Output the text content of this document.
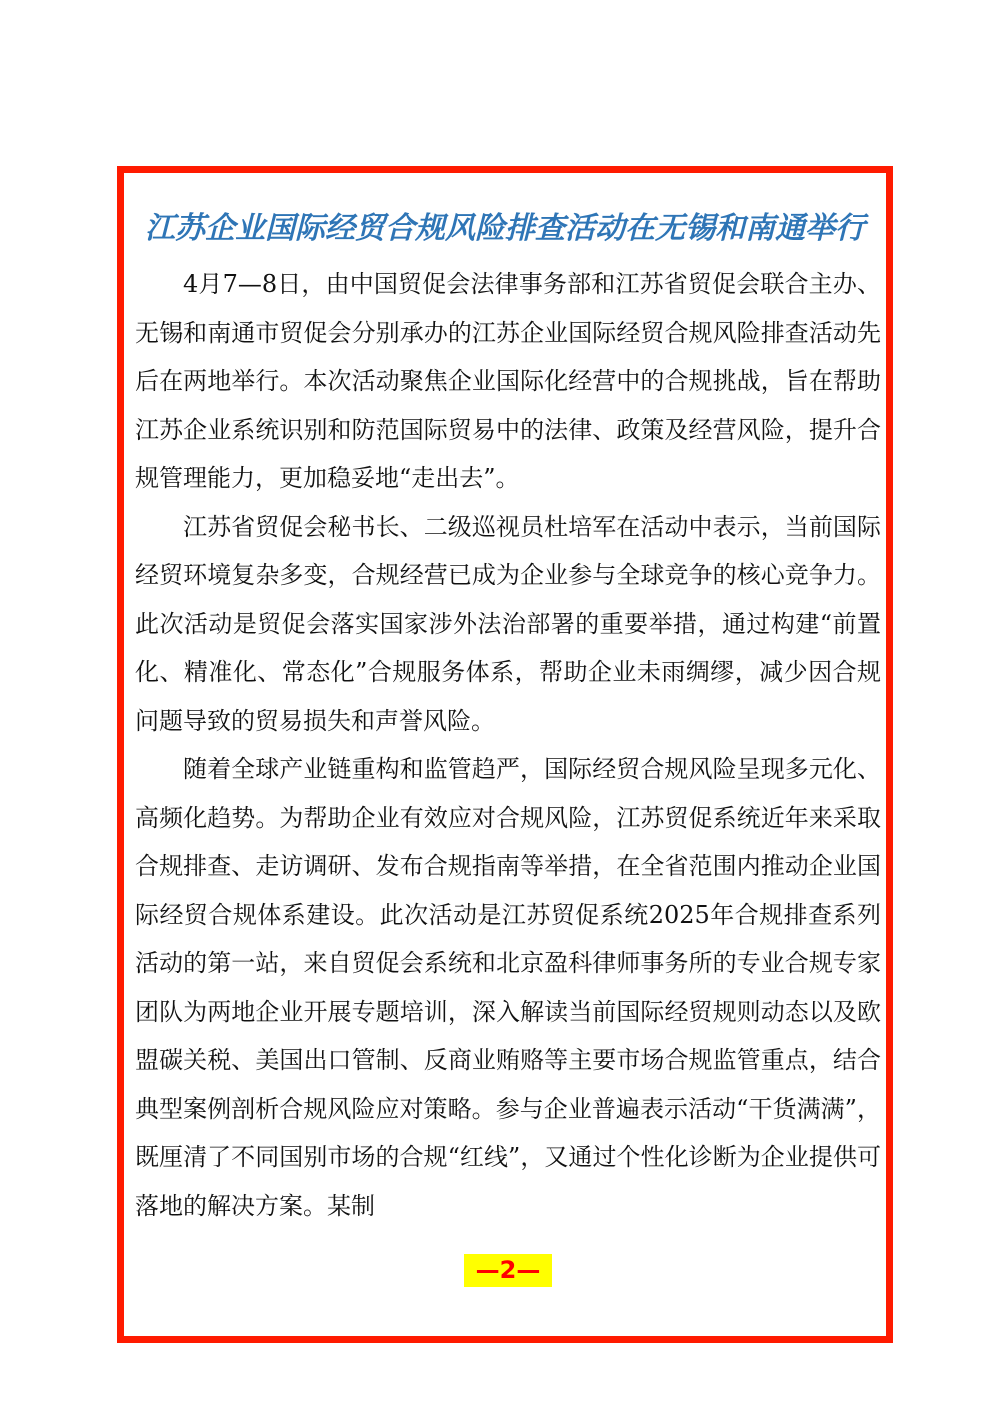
江苏企业国际经贸合规风险排查活动在无锡和南通举行

4月7—8日，由中国贸促会法律事务部和江苏省贸促会联合主办、无锡和南通市贸促会分别承办的江苏企业国际经贸合规风险排查活动先后在两地举行。本次活动聚焦企业国际化经营中的合规挑战，旨在帮助江苏企业系统识别和防范国际贸易中的法律、政策及经营风险，提升合规管理能力，更加稳妥地“走出去”。

江苏省贸促会秘书长、二级巡视员杜培军在活动中表示，当前国际经贸环境复杂多变，合规经营已成为企业参与全球竞争的核心竞争力。此次活动是贸促会落实国家涉外法治部署的重要举措，通过构建“前置化、精准化、常态化”合规服务体系，帮助企业未雨绸缪，减少因合规问题导致的贸易损失和声誉风险。

随着全球产业链重构和监管趋严，国际经贸合规风险呈现多元化、高频化趋势。为帮助企业有效应对合规风险，江苏贸促系统近年来采取合规排查、走访调研、发布合规指南等举措，在全省范围内推动企业国际经贸合规体系建设。此次活动是江苏贸促系统2025年合规排查系列活动的第一站，来自贸促会系统和北京盈科律师事务所的专业合规专家团队为两地企业开展专题培训，深入解读当前国际经贸规则动态以及欧盟碳关税、美国出口管制、反商业贿赂等主要市场合规监管重点，结合典型案例剖析合规风险应对策略。参与企业普遍表示活动“干货满满”，既厘清了不同国别市场的合规“红线”，又通过个性化诊断为企业提供可落地的解决方案。某制

—2—
